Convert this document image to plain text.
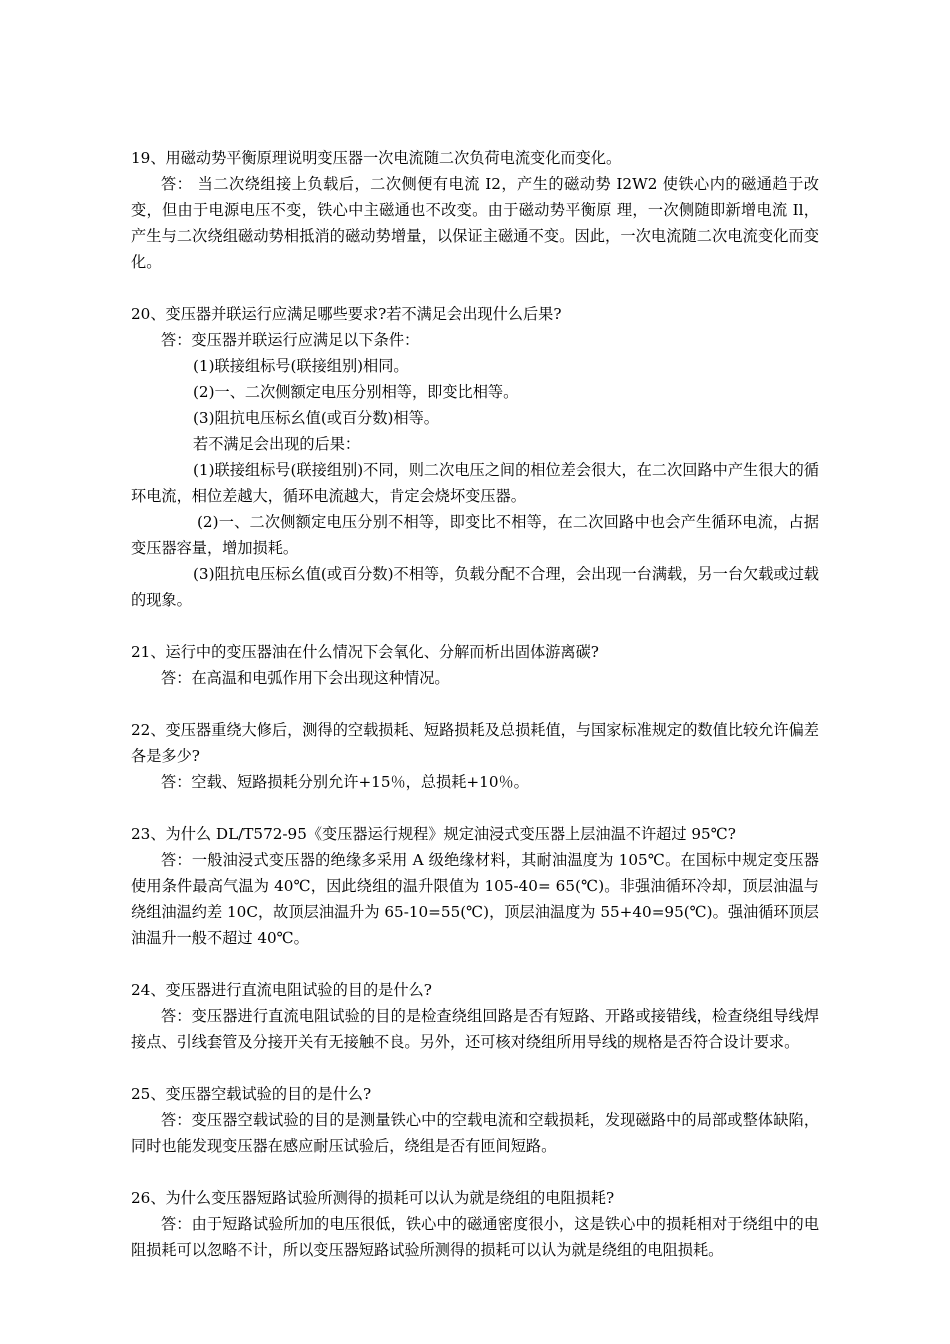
19、用磁动势平衡原理说明变压器一次电流随二次负荷电流变化而变化。

答： 当二次绕组接上负载后，二次侧便有电流 I2，产生的磁动势 I2W2 使铁心内的磁通趋于改变，但由于电源电压不变，铁心中主磁通也不改变。由于磁动势平衡原 理，一次侧随即新增电流 Il，产生与二次绕组磁动势相抵消的磁动势增量，以保证主磁通不变。因此，一次电流随二次电流变化而变化。

20、变压器并联运行应满足哪些要求?若不满足会出现什么后果?

答：变压器并联运行应满足以下条件：

(1)联接组标号(联接组别)相同。

(2)一、二次侧额定电压分别相等，即变比相等。

(3)阻抗电压标幺值(或百分数)相等。

若不满足会出现的后果：

(1)联接组标号(联接组别)不同，则二次电压之间的相位差会很大，在二次回路中产生很大的循环电流，相位差越大，循环电流越大，肯定会烧坏变压器。

(2)一、二次侧额定电压分别不相等，即变比不相等，在二次回路中也会产生循环电流，占据变压器容量，增加损耗。

(3)阻抗电压标幺值(或百分数)不相等，负载分配不合理，会出现一台满载，另一台欠载或过载的现象。

21、运行中的变压器油在什么情况下会氧化、分解而析出固体游离碳?

答：在高温和电弧作用下会出现这种情况。

22、变压器重绕大修后，测得的空载损耗、短路损耗及总损耗值，与国家标准规定的数值比较允许偏差各是多少?

答：空载、短路损耗分别允许+15％，总损耗+10％。

23、为什么 DL/T572-95《变压器运行规程》规定油浸式变压器上层油温不许超过 95℃?

答：一般油浸式变压器的绝缘多采用 A 级绝缘材料，其耐油温度为 105℃。在国标中规定变压器使用条件最高气温为 40℃，因此绕组的温升限值为 105-40= 65(℃)。非强油循环冷却，顶层油温与绕组油温约差 10C，故顶层油温升为 65-10=55(℃)，顶层油温度为 55+40=95(℃)。强油循环顶层 油温升一般不超过 40℃。

24、变压器进行直流电阻试验的目的是什么?

答：变压器进行直流电阻试验的目的是检查绕组回路是否有短路、开路或接错线，检查绕组导线焊接点、引线套管及分接开关有无接触不良。另外，还可核对绕组所用导线的规格是否符合设计要求。

25、变压器空载试验的目的是什么?

答：变压器空载试验的目的是测量铁心中的空载电流和空载损耗，发现磁路中的局部或整体缺陷，同时也能发现变压器在感应耐压试验后，绕组是否有匝间短路。

26、为什么变压器短路试验所测得的损耗可以认为就是绕组的电阻损耗?

答：由于短路试验所加的电压很低，铁心中的磁通密度很小，这是铁心中的损耗相对于绕组中的电阻损耗可以忽略不计，所以变压器短路试验所测得的损耗可以认为就是绕组的电阻损耗。
